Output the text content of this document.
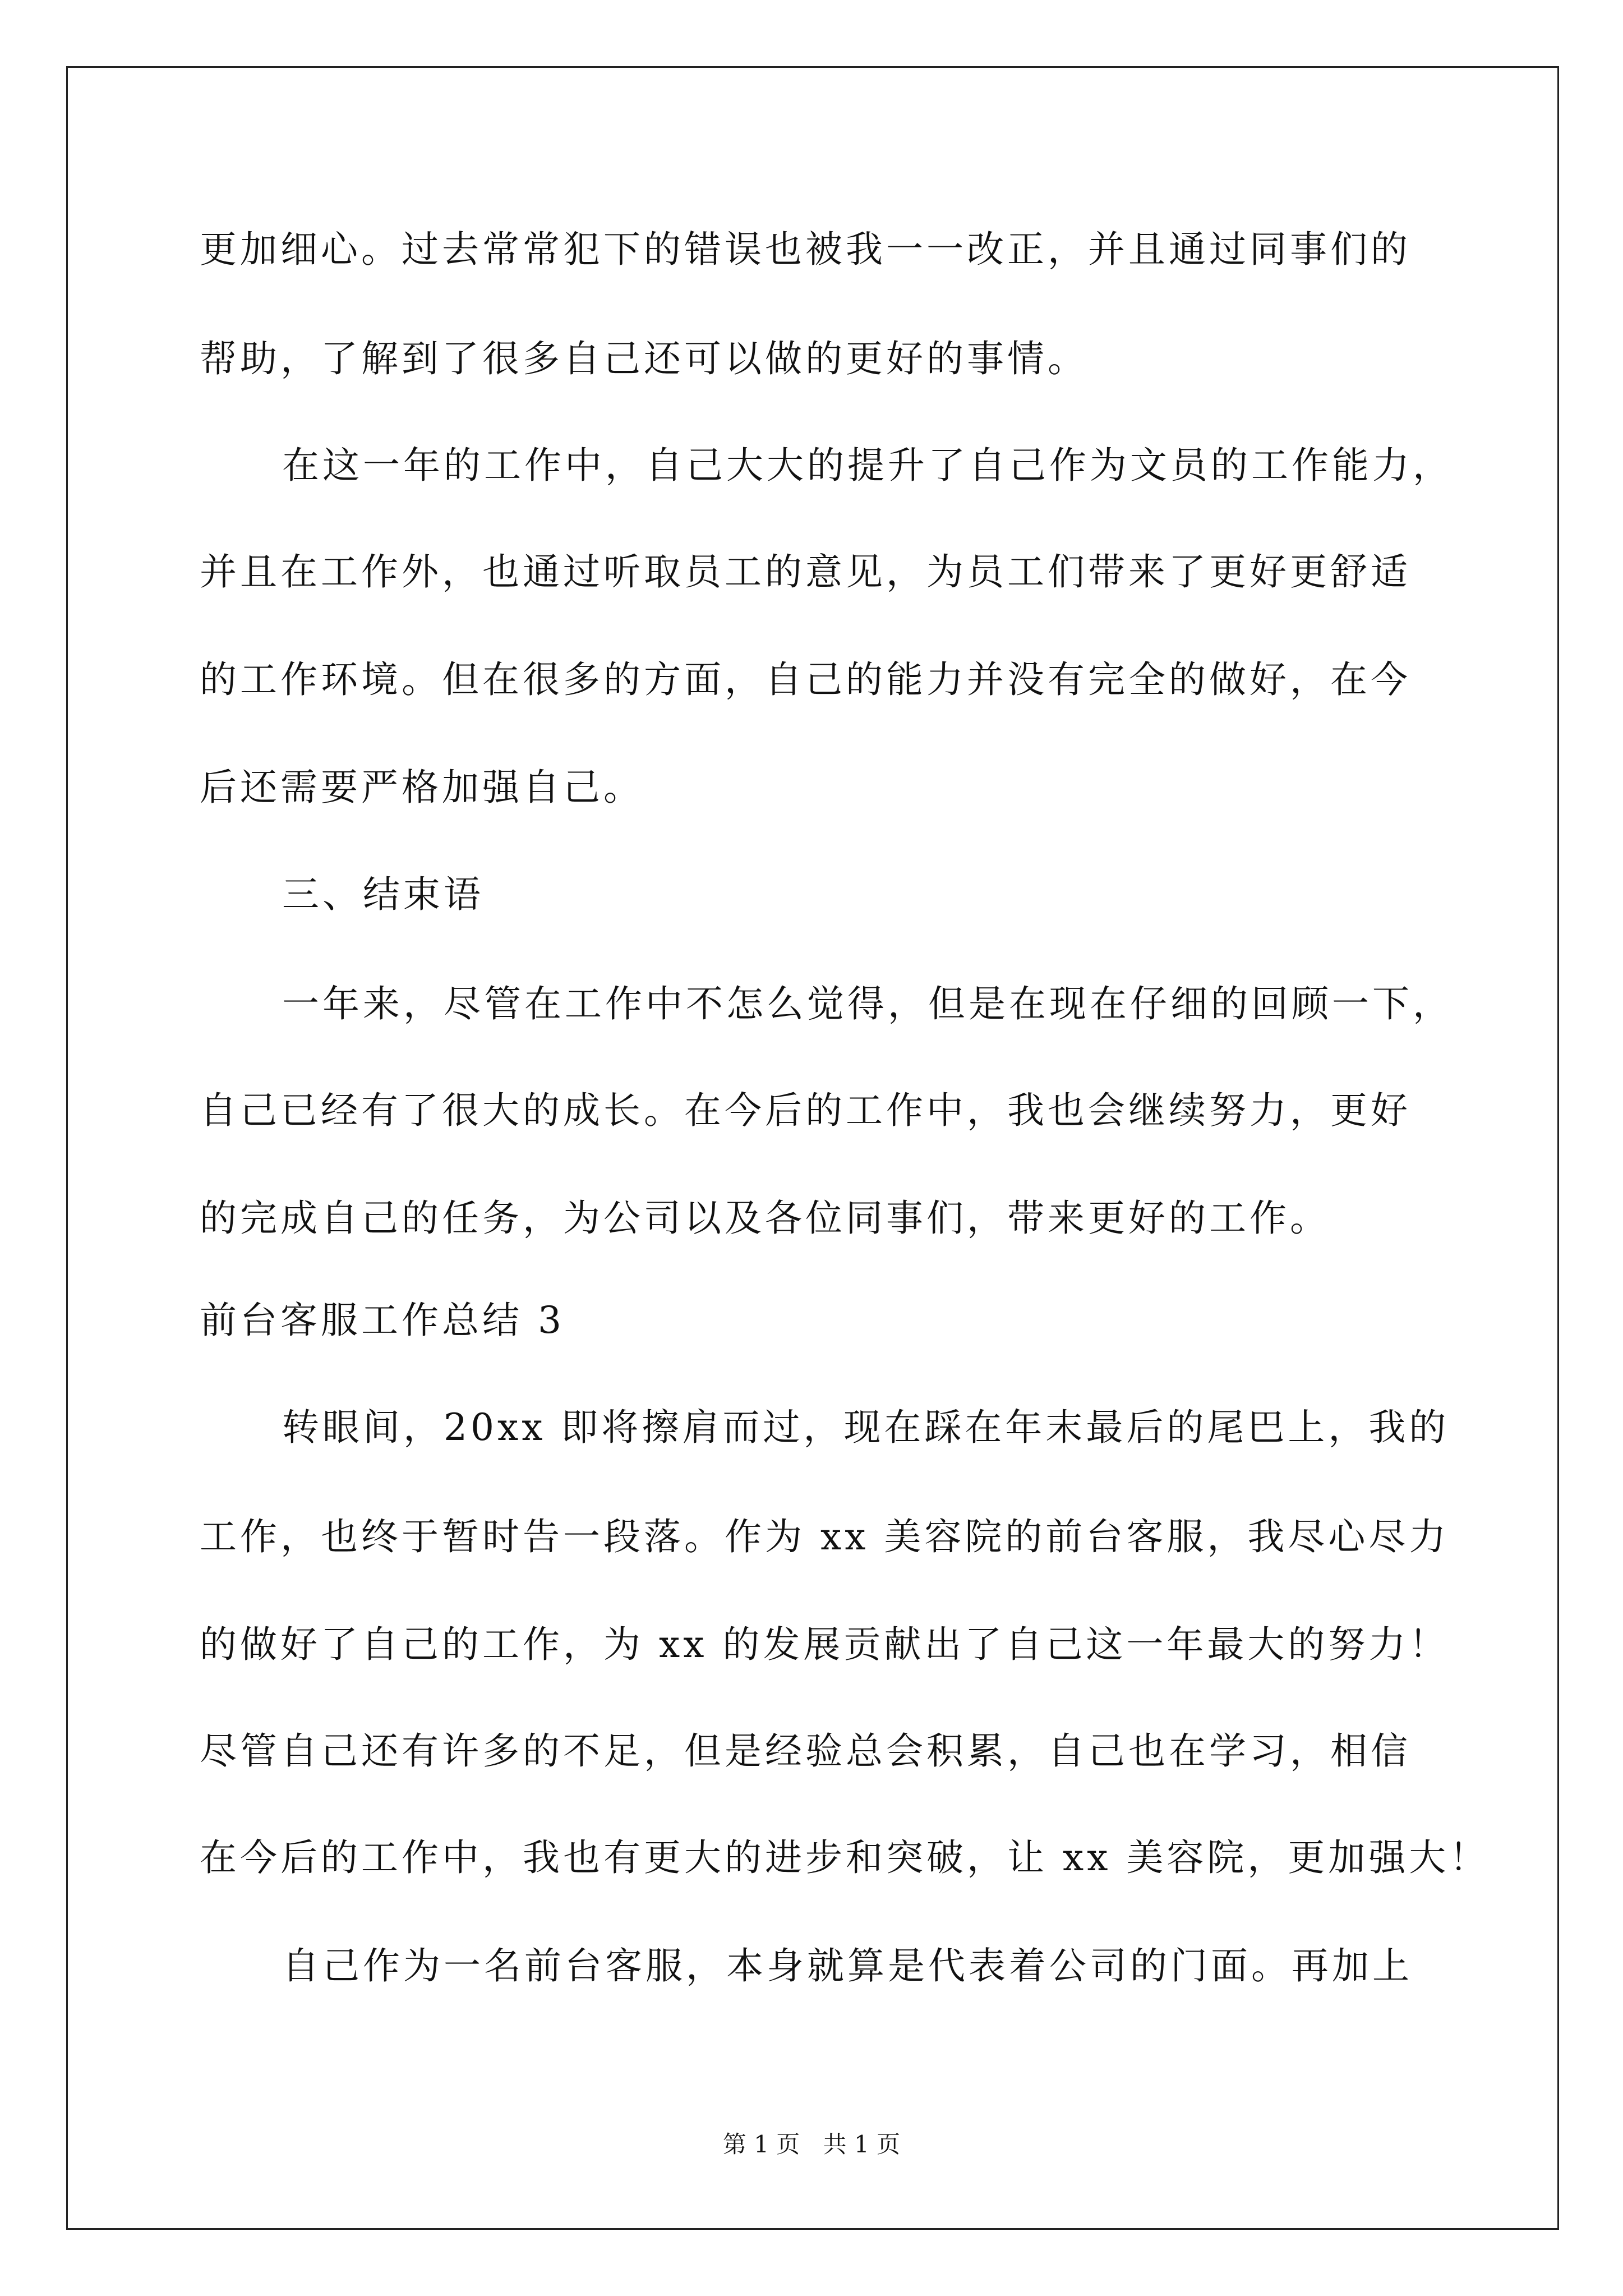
更加细心。过去常常犯下的错误也被我一一改正，并且通过同事们的
帮助，了解到了很多自己还可以做的更好的事情。
在这一年的工作中，自己大大的提升了自己作为文员的工作能力，
并且在工作外，也通过听取员工的意见，为员工们带来了更好更舒适
的工作环境。但在很多的方面，自己的能力并没有完全的做好，在今
后还需要严格加强自己。
三、结束语
一年来，尽管在工作中不怎么觉得，但是在现在仔细的回顾一下，
自己已经有了很大的成长。在今后的工作中，我也会继续努力，更好
的完成自己的任务，为公司以及各位同事们，带来更好的工作。
前台客服工作总结 3
转眼间，20xx 即将擦肩而过，现在踩在年末最后的尾巴上，我的
工作，也终于暂时告一段落。作为 xx 美容院的前台客服，我尽心尽力
的做好了自己的工作，为 xx 的发展贡献出了自己这一年最大的努力！
尽管自己还有许多的不足，但是经验总会积累，自己也在学习，相信
在今后的工作中，我也有更大的进步和突破，让 xx 美容院，更加强大！
自己作为一名前台客服，本身就算是代表着公司的门面。再加上
第 1 页 共 1 页
